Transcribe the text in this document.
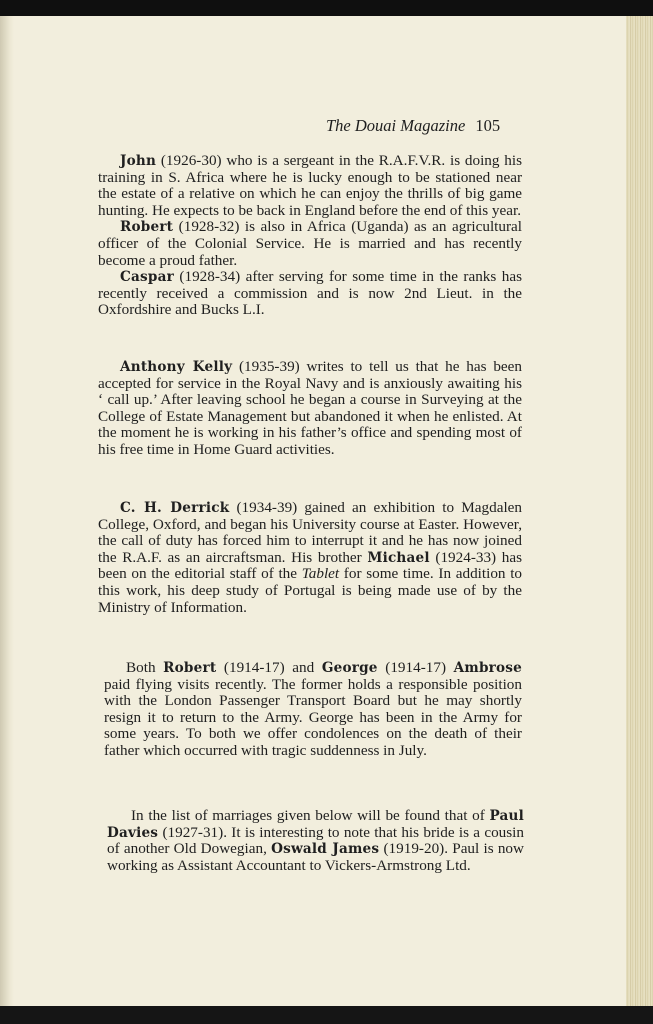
The Douai Magazine 105

John (1926-30) who is a sergeant in the R.A.F.V.R. is doing his training in S. Africa where he is lucky enough to be stationed near the estate of a relative on which he can enjoy the thrills of big game hunting. He expects to be back in England before the end of this year.

Robert (1928-32) is also in Africa (Uganda) as an agricultural officer of the Colonial Service. He is married and has recently become a proud father.

Caspar (1928-34) after serving for some time in the ranks has recently received a commission and is now 2nd Lieut. in the Oxfordshire and Bucks L.I.

Anthony Kelly (1935-39) writes to tell us that he has been accepted for service in the Royal Navy and is anxiously awaiting his ‘ call up.’ After leaving school he began a course in Surveying at the College of Estate Management but abandoned it when he enlisted. At the moment he is working in his father’s office and spending most of his free time in Home Guard activities.

C. H. Derrick (1934-39) gained an exhibition to Magdalen College, Oxford, and began his University course at Easter. However, the call of duty has forced him to interrupt it and he has now joined the R.A.F. as an aircraftsman. His brother Michael (1924-33) has been on the editorial staff of the Tablet for some time. In addition to this work, his deep study of Portugal is being made use of by the Ministry of Information.

Both Robert (1914-17) and George (1914-17) Ambrose paid flying visits recently. The former holds a responsible position with the London Passenger Transport Board but he may shortly resign it to return to the Army. George has been in the Army for some years. To both we offer condolences on the death of their father which occurred with tragic suddenness in July.

In the list of marriages given below will be found that of Paul Davies (1927-31). It is interesting to note that his bride is a cousin of another Old Dowegian, Oswald James (1919-20). Paul is now working as Assistant Accountant to Vickers-Armstrong Ltd.
